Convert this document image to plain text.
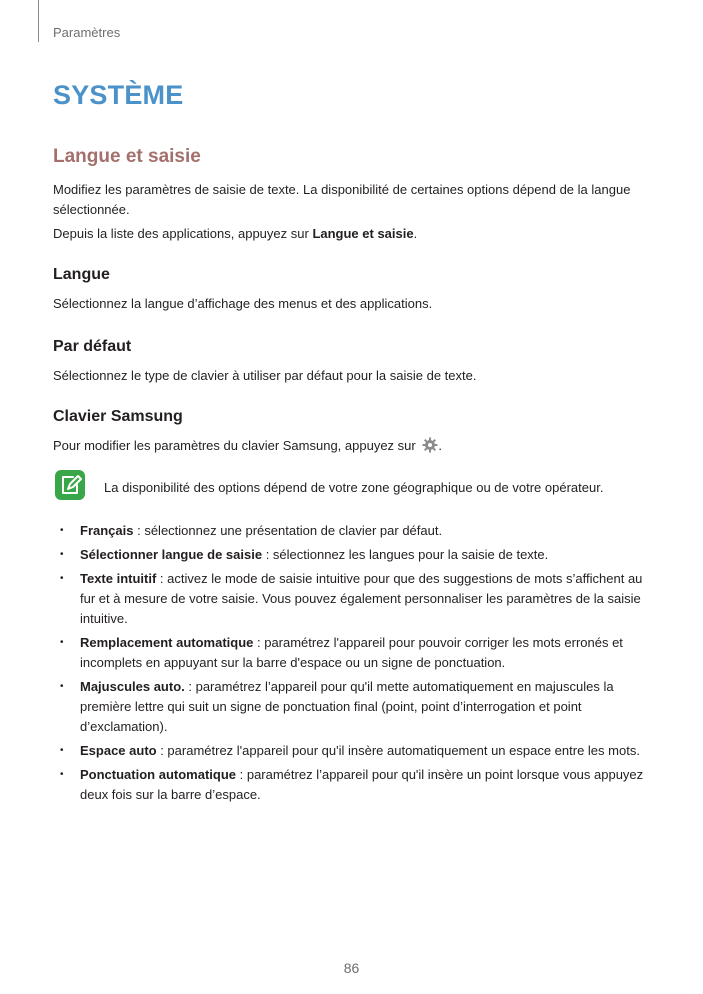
Paramètres
SYSTÈME
Langue et saisie

Modifiez les paramètres de saisie de texte. La disponibilité de certaines options dépend de la langue sélectionnée.

Depuis la liste des applications, appuyez sur Langue et saisie.

Langue

Sélectionnez la langue d’affichage des menus et des applications.

Par défaut

Sélectionnez le type de clavier à utiliser par défaut pour la saisie de texte.

Clavier Samsung

Pour modifier les paramètres du clavier Samsung, appuyez sur .

La disponibilité des options dépend de votre zone géographique ou de votre opérateur.

• Français : sélectionnez une présentation de clavier par défaut.
• Sélectionner langue de saisie : sélectionnez les langues pour la saisie de texte.
• Texte intuitif : activez le mode de saisie intuitive pour que des suggestions de mots s’affichent au fur et à mesure de votre saisie. Vous pouvez également personnaliser les paramètres de la saisie intuitive.
• Remplacement automatique : paramétrez l'appareil pour pouvoir corriger les mots erronés et incomplets en appuyant sur la barre d'espace ou un signe de ponctuation.
• Majuscules auto. : paramétrez l’appareil pour qu'il mette automatiquement en majuscules la première lettre qui suit un signe de ponctuation final (point, point d’interrogation et point d’exclamation).
• Espace auto : paramétrez l'appareil pour qu'il insère automatiquement un espace entre les mots.
• Ponctuation automatique : paramétrez l’appareil pour qu'il insère un point lorsque vous appuyez deux fois sur la barre d’espace.

86
